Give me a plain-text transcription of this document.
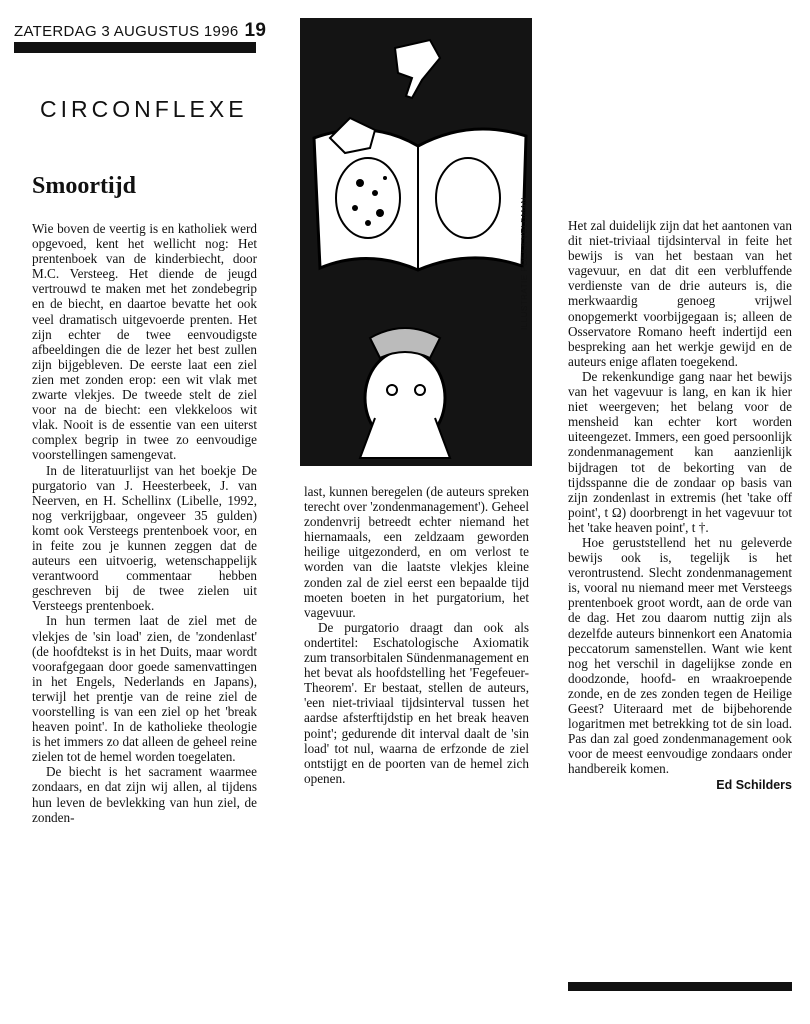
ZATERDAG 3 AUGUSTUS 1996 19
CIRCONFLEXE
Smoortijd
ILLUSTRATIE POEKA VELDMAN

Wie boven de veertig is en katholiek werd opgevoed, kent het wellicht nog: Het prentenboek van de kinderbiecht, door M.C. Versteeg. Het diende de jeugd vertrouwd te maken met het zondebegrip en de biecht, en daartoe bevatte het ook veel dramatisch uitgevoerde prenten. Het zijn echter de twee eenvoudigste afbeeldingen die de lezer het best zullen zijn bijgebleven. De eerste laat een ziel zien met zonden erop: een wit vlak met zwarte vlekjes. De tweede stelt de ziel voor na de biecht: een vlekkeloos wit vlak. Nooit is de essentie van een uiterst complex begrip in twee zo eenvoudige voorstellingen samengevat.

In de literatuurlijst van het boekje De purgatorio van J. Heesterbeek, J. van Neerven, en H. Schellinx (Libelle, 1992, nog verkrijgbaar, ongeveer 35 gulden) komt ook Versteegs prentenboek voor, en in feite zou je kunnen zeggen dat de auteurs een uitvoerig, wetenschappelijk verantwoord commentaar hebben geschreven bij de twee zielen uit Versteegs prentenboek.

In hun termen laat de ziel met de vlekjes de 'sin load' zien, de 'zondenlast' (de hoofdtekst is in het Duits, maar wordt voorafgegaan door goede samenvattingen in het Engels, Nederlands en Japans), terwijl het prentje van de reine ziel de voorstelling is van een ziel op het 'break heaven point'. In de katholieke theologie is het immers zo dat alleen de geheel reine zielen tot de hemel worden toegelaten.

De biecht is het sacrament waarmee zondaars, en dat zijn wij allen, al tijdens hun leven de bevlekking van hun ziel, de zonden-

last, kunnen beregelen (de auteurs spreken terecht over 'zondenmanagement'). Geheel zondenvrij betreedt echter niemand het hiernamaals, een zeldzaam geworden heilige uitgezonderd, en om verlost te worden van die laatste vlekjes kleine zonden zal de ziel eerst een bepaalde tijd moeten boeten in het purgatorium, het vagevuur.

De purgatorio draagt dan ook als ondertitel: Eschatologische Axiomatik zum transorbitalen Sündenmanagement en het bevat als hoofdstelling het 'Fegefeuer-Theorem'. Er bestaat, stellen de auteurs, 'een niet-triviaal tijdsinterval tussen het aardse afsterftijdstip en het break heaven point'; gedurende dit interval daalt de 'sin load' tot nul, waarna de erfzonde de ziel ontstijgt en de poorten van de hemel zich openen.

Het zal duidelijk zijn dat het aantonen van dit niet-triviaal tijdsinterval in feite het bewijs is van het bestaan van het vagevuur, en dat dit een verbluffende verdienste van de drie auteurs is, die merkwaardig genoeg vrijwel onopgemerkt voorbijgegaan is; alleen de Osservatore Romano heeft indertijd een bespreking aan het werkje gewijd en de auteurs enige aflaten toegekend.

De rekenkundige gang naar het bewijs van het vagevuur is lang, en kan ik hier niet weergeven; het belang voor de mensheid kan echter kort worden uiteengezet. Immers, een goed persoonlijk zondenmanagement kan aanzienlijk bijdragen tot de bekorting van de tijdsspanne die de zondaar op basis van zijn zondenlast in extremis (het 'take off point', t Ω) doorbrengt in het vagevuur tot het 'take heaven point', t †.

Hoe geruststellend het nu geleverde bewijs ook is, tegelijk is het verontrustend. Slecht zondenmanagement is, vooral nu niemand meer met Versteegs prentenboek groot wordt, aan de orde van de dag. Het zou daarom nuttig zijn als dezelfde auteurs binnenkort een Anatomia peccatorum samenstellen. Want wie kent nog het verschil in dagelijkse zonde en doodzonde, hoofd- en wraakroepende zonde, en de zes zonden tegen de Heilige Geest? Uiteraard met de bijbehorende logaritmen met betrekking tot de sin load. Pas dan zal goed zondenmanagement ook voor de meest eenvoudige zondaars onder handbereik komen.

Ed Schilders
